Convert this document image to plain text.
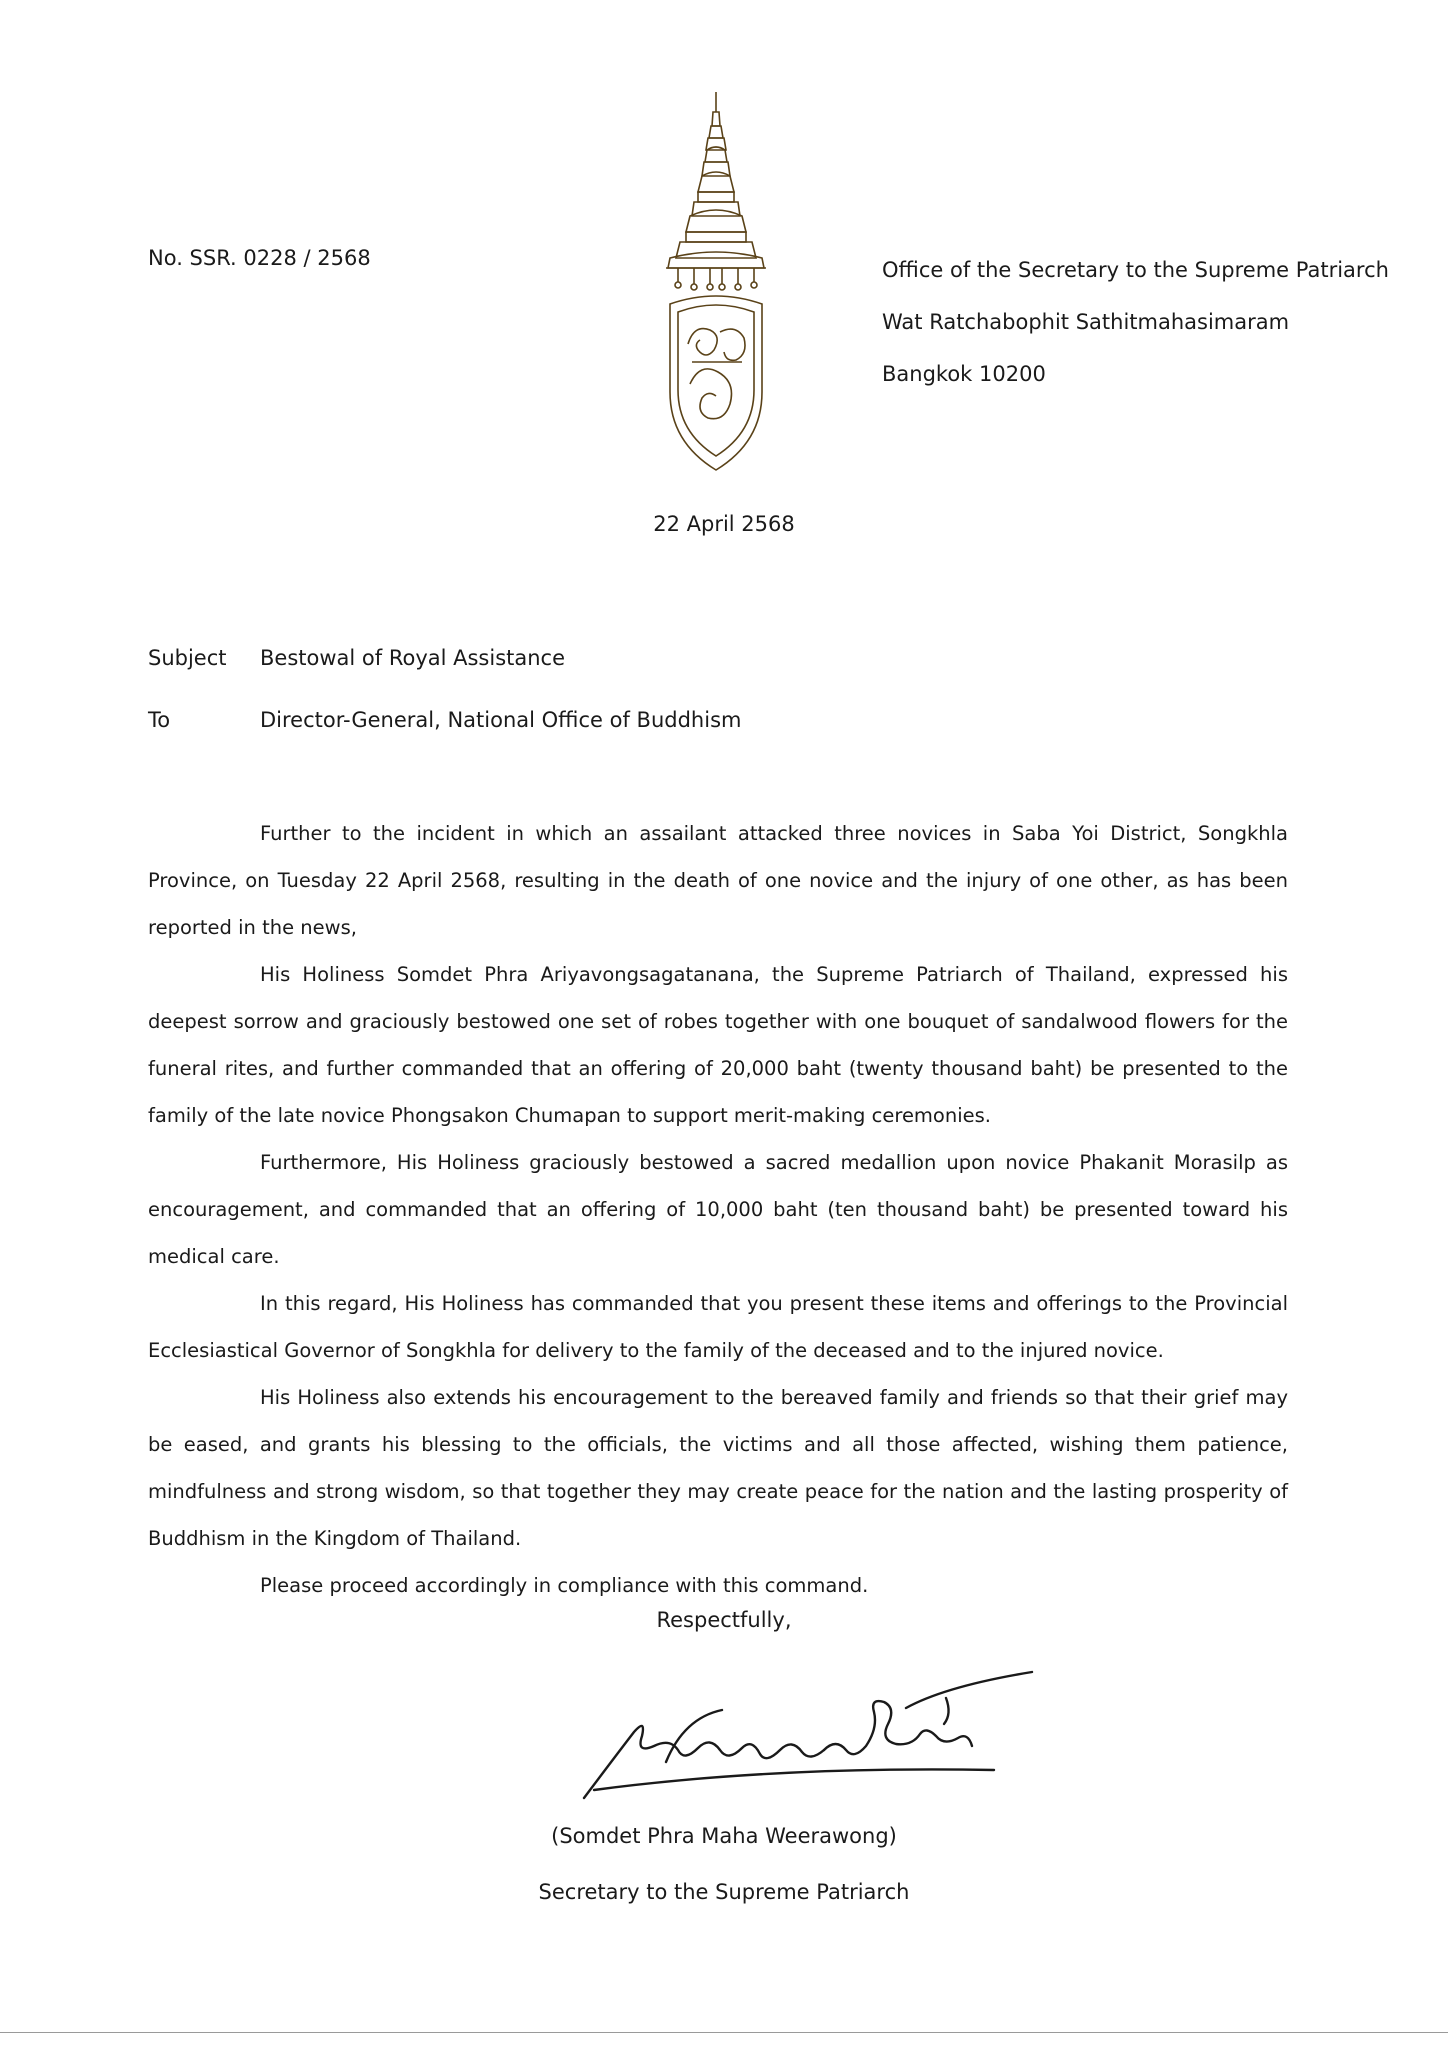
No. SSR. 0228 / 2568	Office of the Secretary to the Supreme Patriarch
Wat Ratchabophit Sathitmahasimaram
Bangkok 10200
22 April 2568
Subject Bestowal of Royal Assistance
To	Director-General, National Office of Buddhism

Further to the incident in which an assailant attacked three novices in Saba Yoi District, Songkhla Province, on Tuesday 22 April 2568, resulting in the death of one novice and the injury of one other, as has been reported in the news,

His Holiness Somdet Phra Ariyavongsagatanana, the Supreme Patriarch of Thailand, expressed his deepest sorrow and graciously bestowed one set of robes together with one bouquet of sandalwood flowers for the funeral rites, and further commanded that an offering of 20,000 baht (twenty thousand baht) be presented to the family of the late novice Phongsakon Chumapan to support merit-making ceremonies.

Furthermore, His Holiness graciously bestowed a sacred medallion upon novice Phakanit Morasilp as encouragement, and commanded that an offering of 10,000 baht (ten thousand baht) be presented toward his medical care.

In this regard, His Holiness has commanded that you present these items and offerings to the Provincial Ecclesiastical Governor of Songkhla for delivery to the family of the deceased and to the injured novice.

His Holiness also extends his encouragement to the bereaved family and friends so that their grief may be eased, and grants his blessing to the officials, the victims and all those affected, wishing them patience, mindfulness and strong wisdom, so that together they may create peace for the nation and the lasting prosperity of Buddhism in the Kingdom of Thailand.

Please proceed accordingly in compliance with this command.

Respectfully,
(Somdet Phra Maha Weerawong)
Secretary to the Supreme Patriarch
